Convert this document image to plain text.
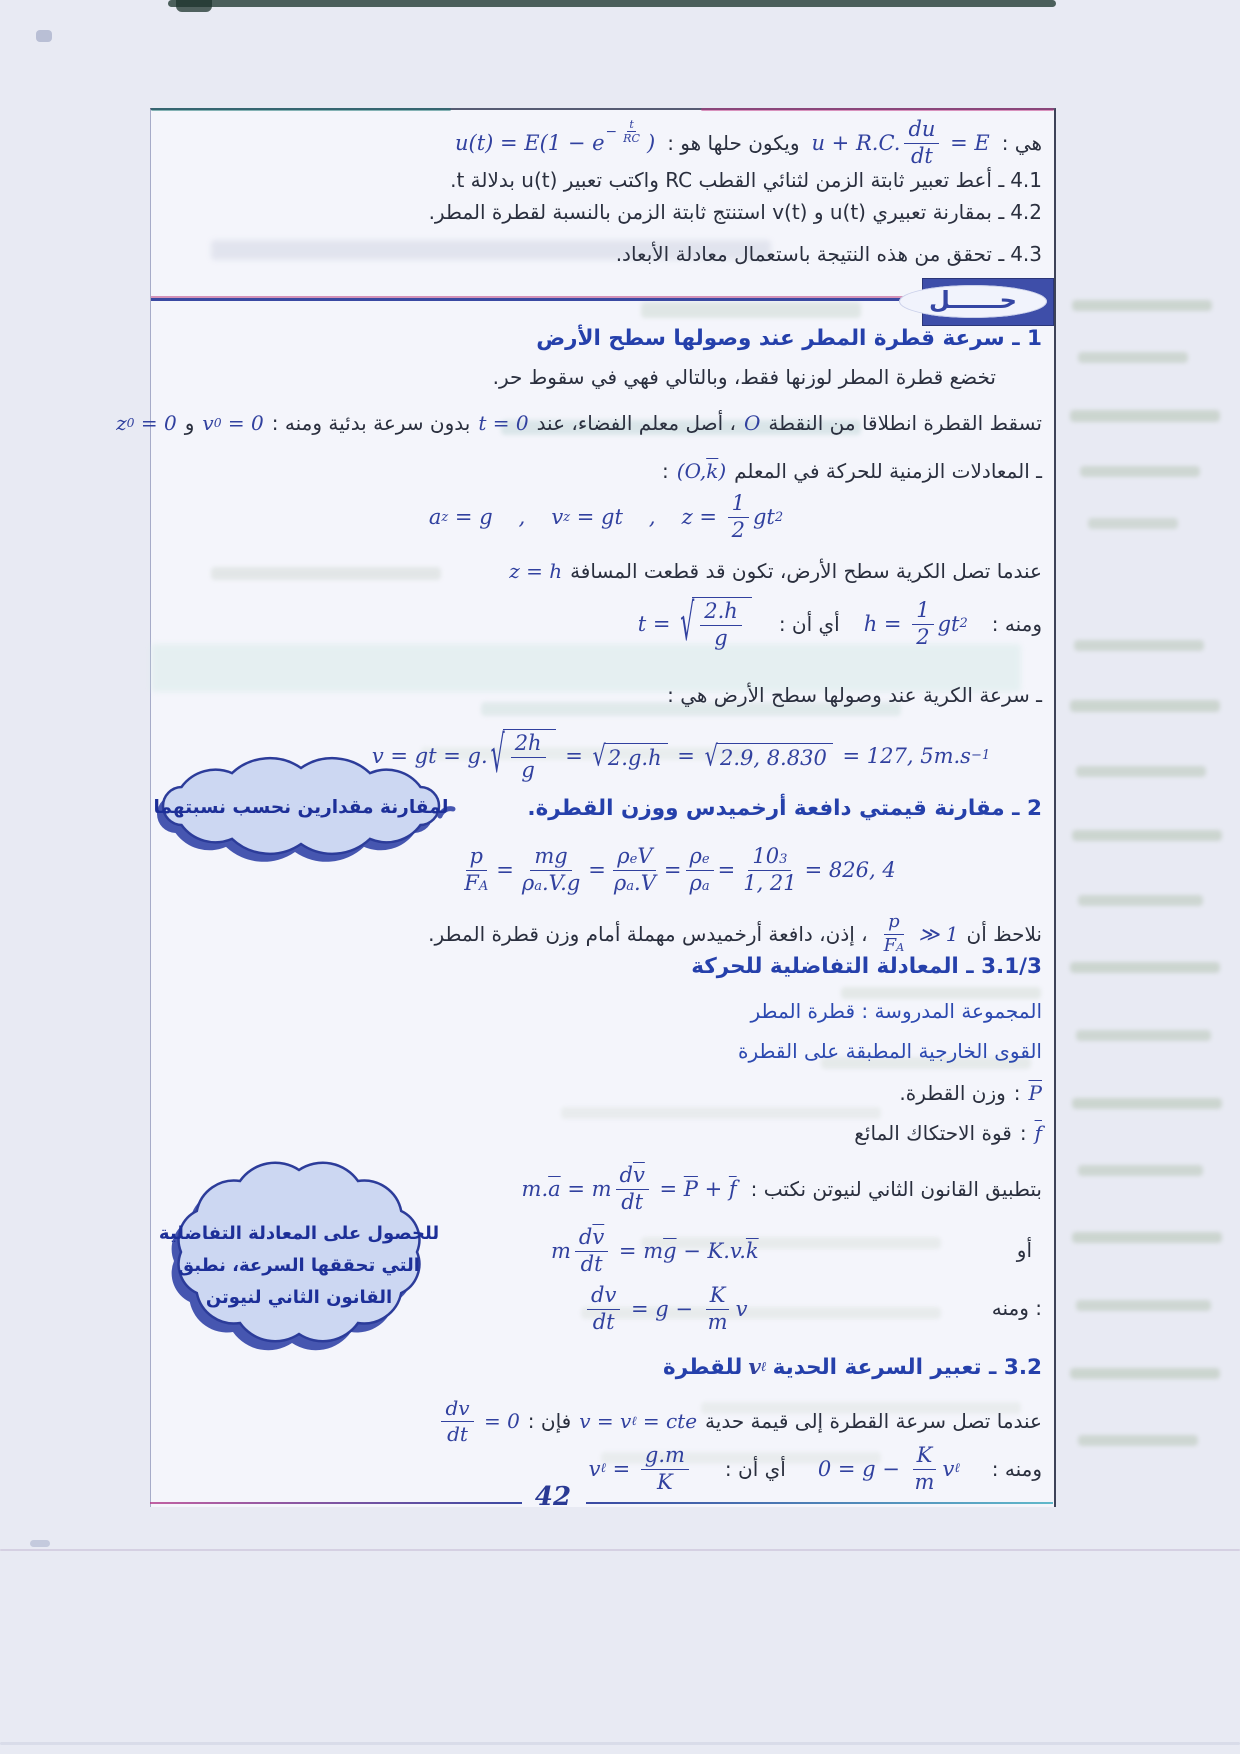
هي :
u + R.C. $\frac{du}{dt} = E$
ويكون حلها هو :
$u(t) = E(1 - e - \frac{t}{RC}$ )
4.1
ـ أعط تعبير ثابتة الزمن لثنائي القطب RC واكتب تعبير u(t) بدلالة t.
4.2
ـ بمقارنة تعبيري u(t) و v(t) استنتج ثابتة الزمن بالنسبة لقطرة المطر.
4.3
ـ تحقق من هذه النتيجة باستعمال معادلة الأبعاد.
حــــــل
1 ـ سرعة قطرة المطر عند وصولها سطح الأرض
تخضع قطرة المطر لوزنها فقط، وبالتالي فهي في سقوط حر.
تسقط القطرة انطلاقا من النقطة
O
، أصل معلم الفضاء، عند
t = 0
بدون سرعة بدئية ومنه :
v 0 = 0
و
z 0 = 0
ـ المعادلات الزمنية للحركة في المعلم
(O, $\overline{k}$ )
:
a z = g , v z = gt , $z = \frac{1}{2}$ gt 2
عندما تصل الكرية سطح الأرض، تكون قد قطعت المسافة
z = h
ومنه :
$h = \frac{1}{2}$ gt 2
أي أن :
t = √ $\frac{2.h}{g}$
ـ سرعة الكرية عند وصولها سطح الأرض هي :
v = gt = g. √ $\frac{2h}{g}$ = √ 2.g.h = √ 2.9, 8.830 = 127, 5m.s −1
لمقارنة مقدارين نحسب نسبتهما	2 ـ مقارنة قيمتي دافعة أرخميدس ووزن القطرة.
$\frac{p}{\text{F A}} = \frac{mg}{\text{ρ a .V.g}} = \frac{\text{ρ e V}}{\text{ρ a .V}} = \frac{\text{ρ e}}{\text{ρ a}} = \frac{10 3}{1, 21} = 826$, 4
نلاحظ أن
$\frac{p}{\text{F A}}$ ≫ 1
، إذن، دافعة أرخميدس مهملة أمام وزن قطرة المطر.
3.1/3 ـ المعادلة التفاضلية للحركة
المجموعة المدروسة : قطرة المطر
القوى الخارجية المطبقة على القطرة
$\overline{P}$
:
وزن القطرة.
$\overline{f}$
:
قوة الاحتكاك المائع
بتطبيق القانون الثاني لنيوتن نكتب :
m. $\overline{a} = m \frac{d \overline{v}}{dt} = \overline{P} + \overline{f}$
أو
m $\frac{d \overline{v}}{dt} = m$ $\overline{g} - K.v$. $\overline{k}$
ومنه :
$\frac{dv}{dt} = g - \frac{K}{m}$ v
للحصول على المعادلة التفاضلية
التي تحققها السرعة، نطبق
القانون الثاني لنيوتن
3.2 ـ تعبير السرعة الحدية
v ℓ
للقطرة
عندما تصل سرعة القطرة إلى قيمة حدية
v = v ℓ = cte
فإن :
$\frac{dv}{dt} = 0$
ومنه :
$0 = g - \frac{K}{m}$ v ℓ
أي أن :
v ℓ = $\frac{g.m}{K}$
42
